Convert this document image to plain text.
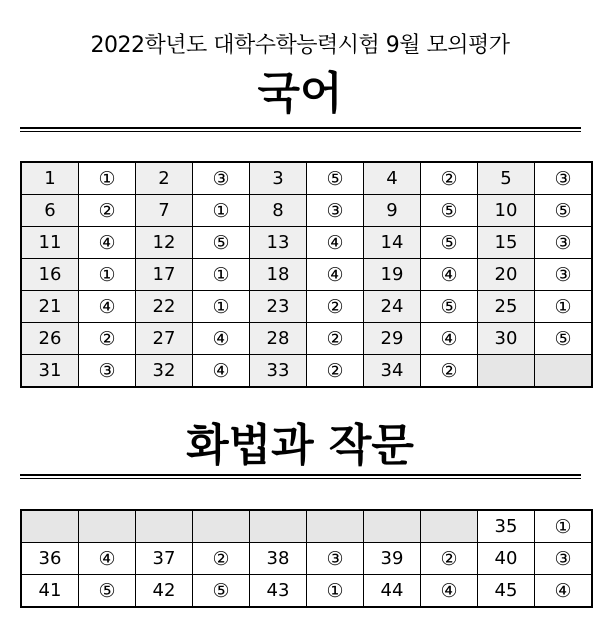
2022학년도 대학수학능력시험 9월 모의평가
국어
1	①	2	③	3	⑤	4	②	5	③
6	②	7	①	8	③	9	⑤	10	⑤
11	④	12	⑤	13	④	14	⑤	15	③
16	①	17	①	18	④	19	④	20	③
21	④	22	①	23	②	24	⑤	25	①
26	②	27	④	28	②	29	④	30	⑤
31	③	32	④	33	②	34	②		
화법과 작문
								35	①
36	④	37	②	38	③	39	②	40	③
41	⑤	42	⑤	43	①	44	④	45	④
